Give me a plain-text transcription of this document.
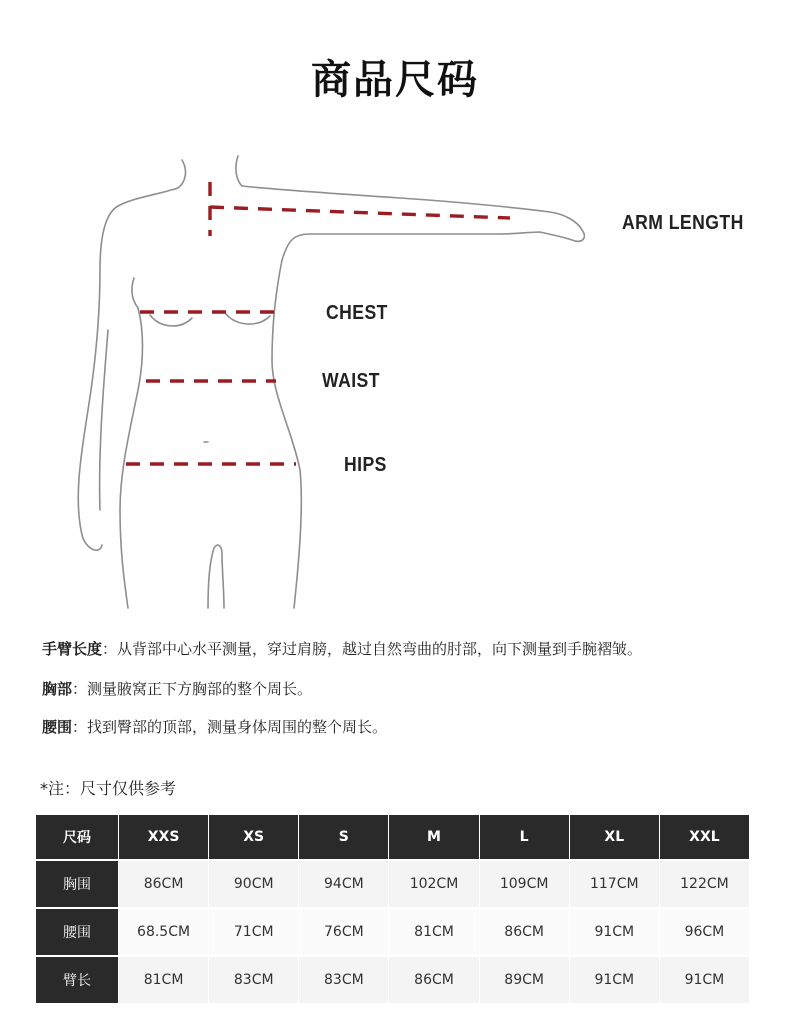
商品尺码
ARM LENGTH
CHEST
WAIST
HIPS
手臂长度：从背部中心水平测量，穿过肩膀，越过自然弯曲的肘部，向下测量到手腕褶皱。
胸部：测量腋窝正下方胸部的整个周长。
腰围：找到臀部的顶部，测量身体周围的整个周长。
*注：尺寸仅供参考
尺码	XXS	XS	S	M	L	XL	XXL
胸围	86CM	90CM	94CM	102CM	109CM	117CM	122CM
腰围	68.5CM	71CM	76CM	81CM	86CM	91CM	96CM
臂长	81CM	83CM	83CM	86CM	89CM	91CM	91CM
